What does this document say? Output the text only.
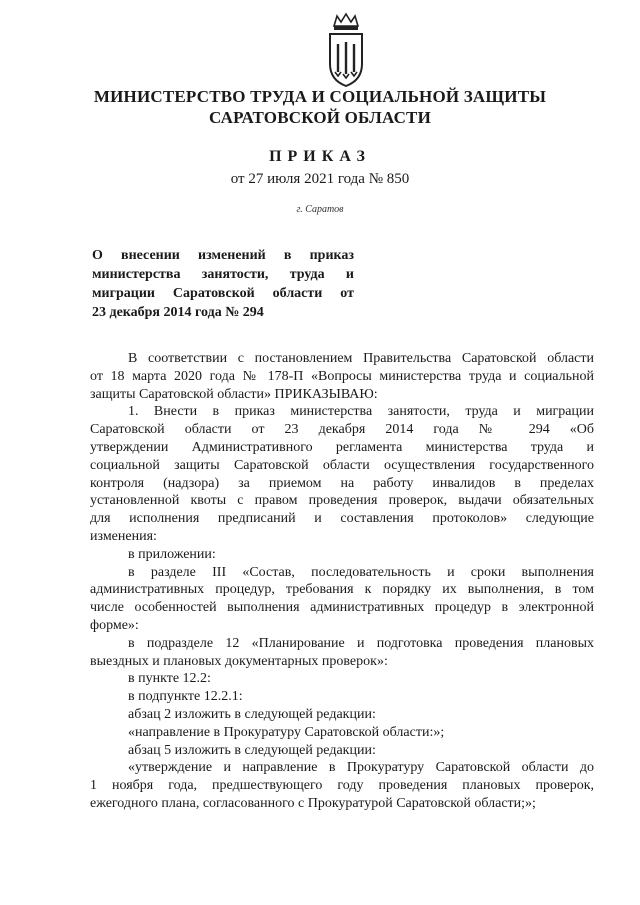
МИНИСТЕРСТВО ТРУДА И СОЦИАЛЬНОЙ ЗАЩИТЫ
САРАТОВСКОЙ ОБЛАСТИ
ПРИКАЗ
от 27 июля 2021 года № 850
г. Саратов
О внесении изменений в приказ
министерства занятости, труда и
миграции Саратовской области от
23 декабря 2014 года № 294
В соответствии с постановлением Правительства Саратовской области
от 18 марта 2020 года № 178-П «Вопросы министерства труда и социальной
защиты Саратовской области» ПРИКАЗЫВАЮ:
1. Внести в приказ министерства занятости, труда и миграции
Саратовской области от 23 декабря 2014 года № 294 «Об
утверждении Административного регламента министерства труда и
социальной защиты Саратовской области осуществления государственного
контроля (надзора) за приемом на работу инвалидов в пределах
установленной квоты с правом проведения проверок, выдачи обязательных
для исполнения предписаний и составления протоколов» следующие
изменения:
в приложении:
в разделе III «Состав, последовательность и сроки выполнения
административных процедур, требования к порядку их выполнения, в том
числе особенностей выполнения административных процедур в электронной
форме»:
в подразделе 12 «Планирование и подготовка проведения плановых
выездных и плановых документарных проверок»:
в пункте 12.2:
в подпункте 12.2.1:
абзац 2 изложить в следующей редакции:
«направление в Прокуратуру Саратовской области:»;
абзац 5 изложить в следующей редакции:
«утверждение и направление в Прокуратуру Саратовской области до
1 ноября года, предшествующего году проведения плановых проверок,
ежегодного плана, согласованного с Прокуратурой Саратовской области;»;
